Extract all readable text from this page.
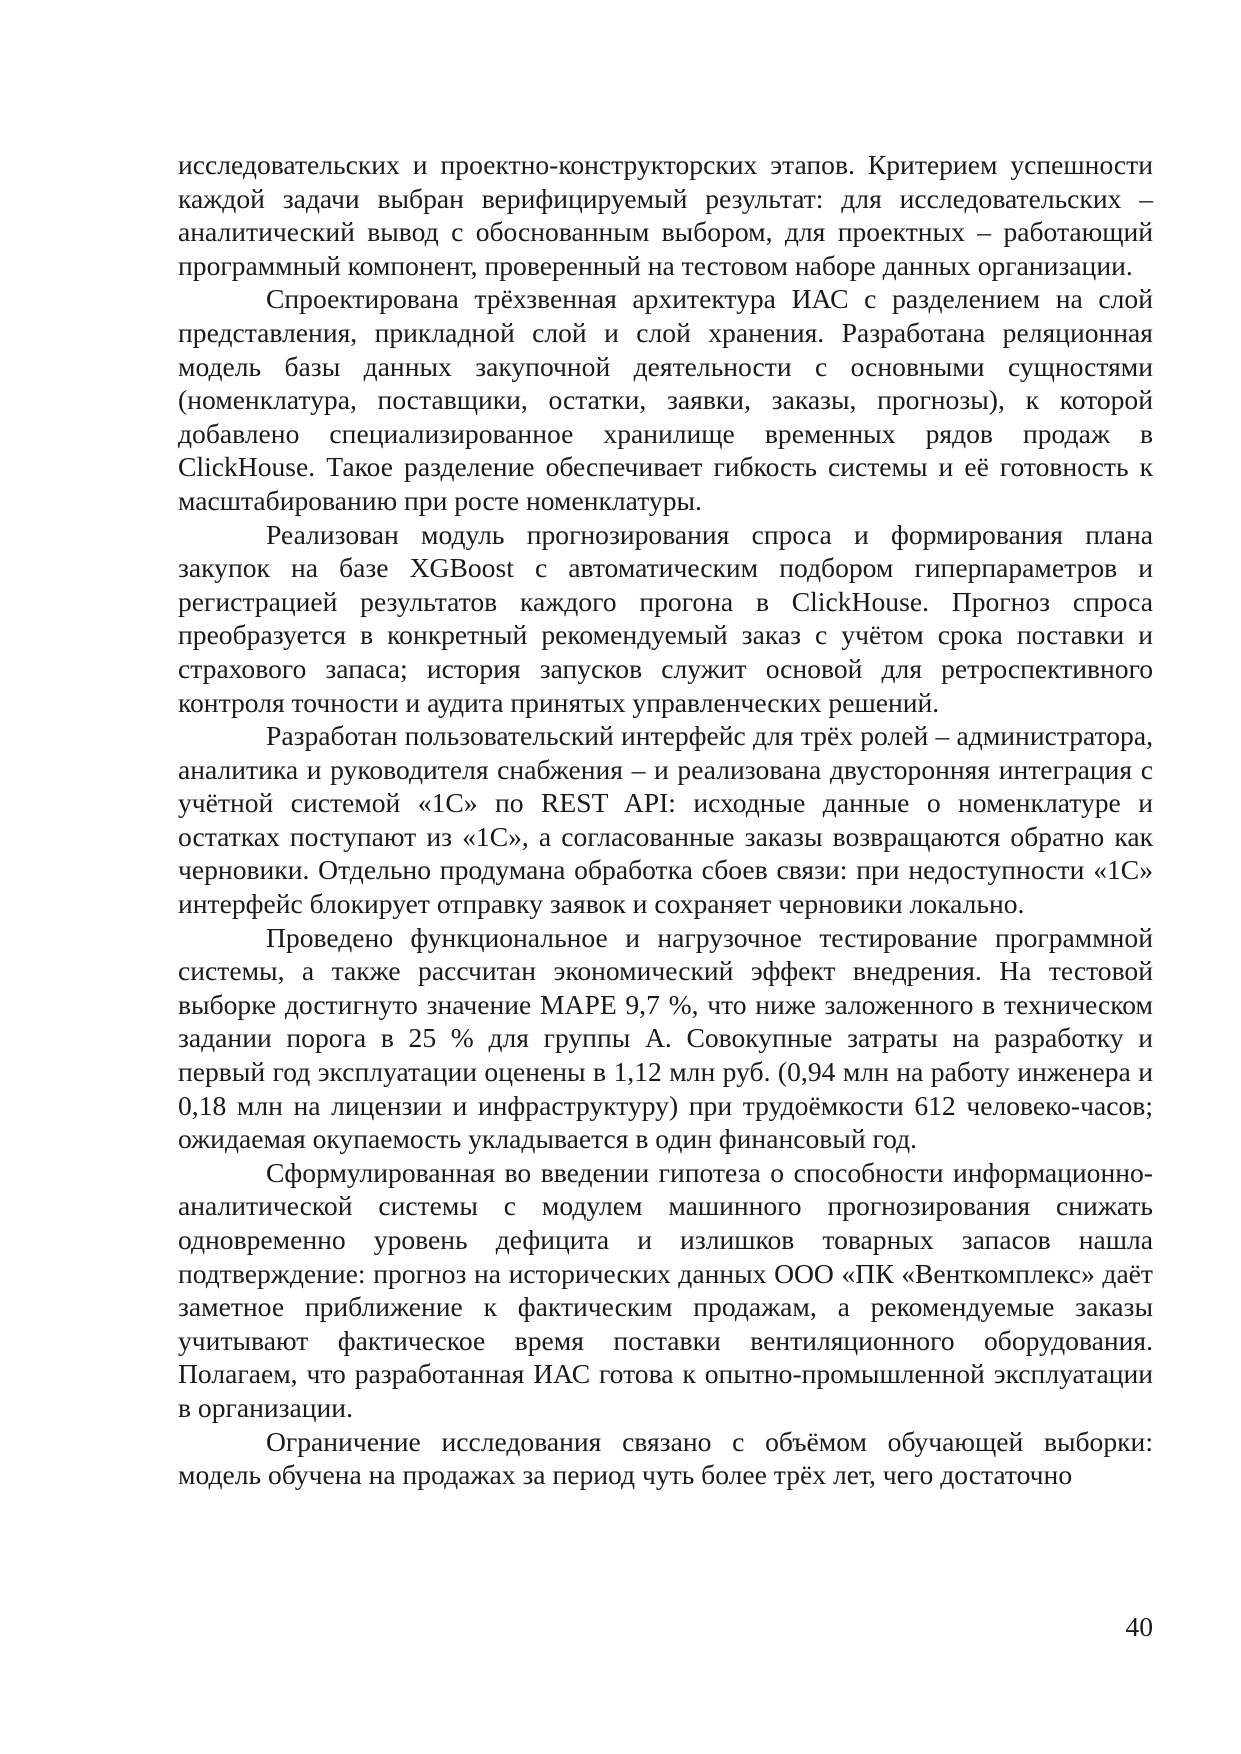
исследовательских и проектно-конструкторских этапов. Критерием успешности каждой задачи выбран верифицируемый результат: для исследовательских – аналитический вывод с обоснованным выбором, для проектных – работающий программный компонент, проверенный на тестовом наборе данных организации.

Спроектирована трёхзвенная архитектура ИАС с разделением на слой представления, прикладной слой и слой хранения. Разработана реляционная модель базы данных закупочной деятельности с основными сущностями (номенклатура, поставщики, остатки, заявки, заказы, прогнозы), к которой добавлено специализированное хранилище временных рядов продаж в ClickHouse. Такое разделение обеспечивает гибкость системы и её готовность к масштабированию при росте номенклатуры.

Реализован модуль прогнозирования спроса и формирования плана закупок на базе XGBoost с автоматическим подбором гиперпараметров и регистрацией результатов каждого прогона в ClickHouse. Прогноз спроса преобразуется в конкретный рекомендуемый заказ с учётом срока поставки и страхового запаса; история запусков служит основой для ретроспективного контроля точности и аудита принятых управленческих решений.

Разработан пользовательский интерфейс для трёх ролей – администратора, аналитика и руководителя снабжения – и реализована двусторонняя интеграция с учётной системой «1С» по REST API: исходные данные о номенклатуре и остатках поступают из «1С», а согласованные заказы возвращаются обратно как черновики. Отдельно продумана обработка сбоев связи: при недоступности «1С» интерфейс блокирует отправку заявок и сохраняет черновики локально.

Проведено функциональное и нагрузочное тестирование программной системы, а также рассчитан экономический эффект внедрения. На тестовой выборке достигнуто значение MAPE 9,7 %, что ниже заложенного в техническом задании порога в 25 % для группы А. Совокупные затраты на разработку и первый год эксплуатации оценены в 1,12 млн руб. (0,94 млн на работу инженера и 0,18 млн на лицензии и инфраструктуру) при трудоёмкости 612 человеко-часов; ожидаемая окупаемость укладывается в один финансовый год.

Сформулированная во введении гипотеза о способности информационно-аналитической системы с модулем машинного прогнозирования снижать одновременно уровень дефицита и излишков товарных запасов нашла подтверждение: прогноз на исторических данных ООО «ПК «Венткомплекс» даёт заметное приближение к фактическим продажам, а рекомендуемые заказы учитывают фактическое время поставки вентиляционного оборудования. Полагаем, что разработанная ИАС готова к опытно-промышленной эксплуатации в организации.

Ограничение исследования связано с объёмом обучающей выборки: модель обучена на продажах за период чуть более трёх лет, чего достаточно

40
